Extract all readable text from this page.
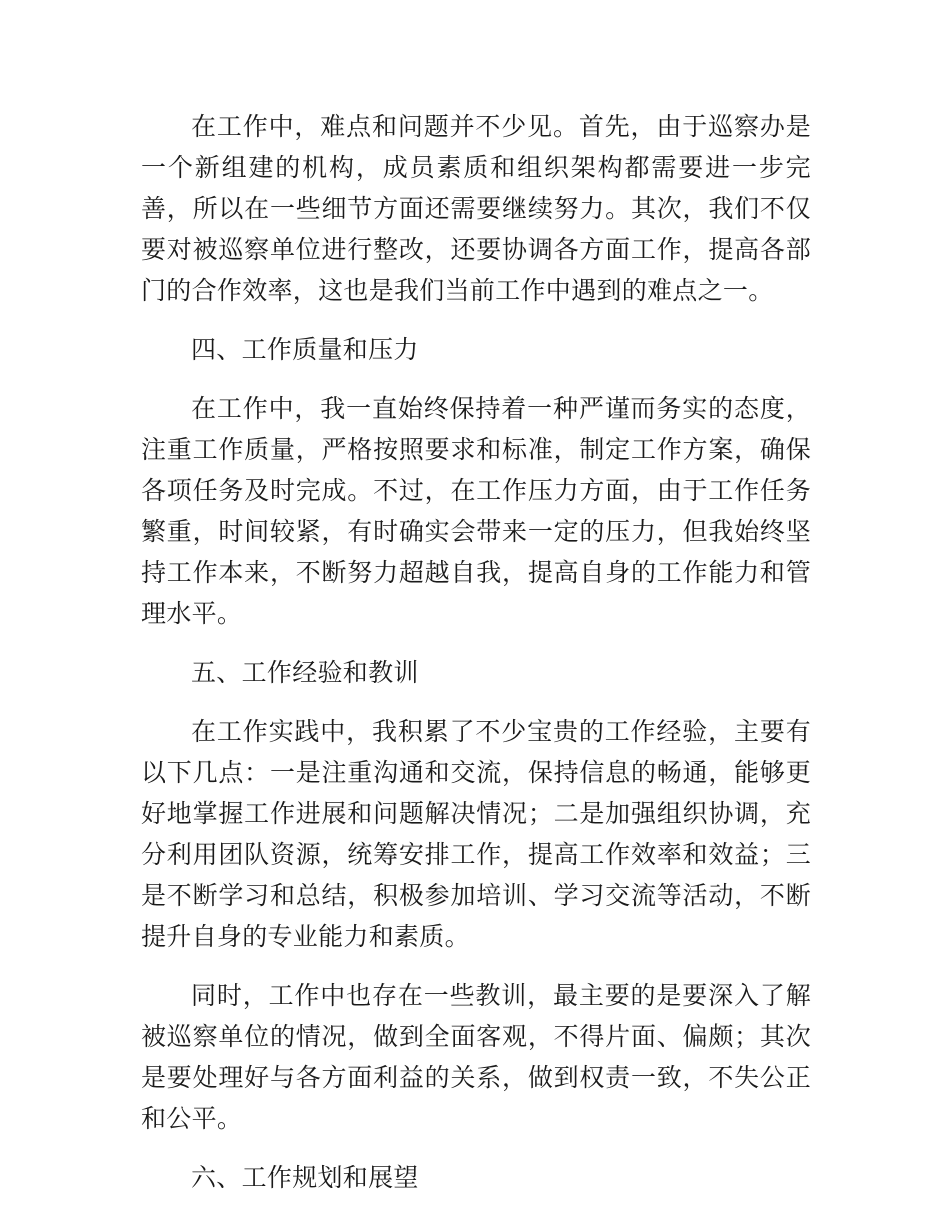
在工作中，难点和问题并不少见。首先，由于巡察办是一个新组建的机构，成员素质和组织架构都需要进一步完善，所以在一些细节方面还需要继续努力。其次，我们不仅要对被巡察单位进行整改，还要协调各方面工作，提高各部门的合作效率，这也是我们当前工作中遇到的难点之一。

四、工作质量和压力

在工作中，我一直始终保持着一种严谨而务实的态度，注重工作质量，严格按照要求和标准，制定工作方案，确保各项任务及时完成。不过，在工作压力方面，由于工作任务繁重，时间较紧，有时确实会带来一定的压力，但我始终坚持工作本来，不断努力超越自我，提高自身的工作能力和管理水平。

五、工作经验和教训

在工作实践中，我积累了不少宝贵的工作经验，主要有以下几点：一是注重沟通和交流，保持信息的畅通，能够更好地掌握工作进展和问题解决情况；二是加强组织协调，充分利用团队资源，统筹安排工作，提高工作效率和效益；三是不断学习和总结，积极参加培训、学习交流等活动，不断提升自身的专业能力和素质。

同时，工作中也存在一些教训，最主要的是要深入了解被巡察单位的情况，做到全面客观，不得片面、偏颇；其次是要处理好与各方面利益的关系，做到权责一致，不失公正和公平。

六、工作规划和展望
